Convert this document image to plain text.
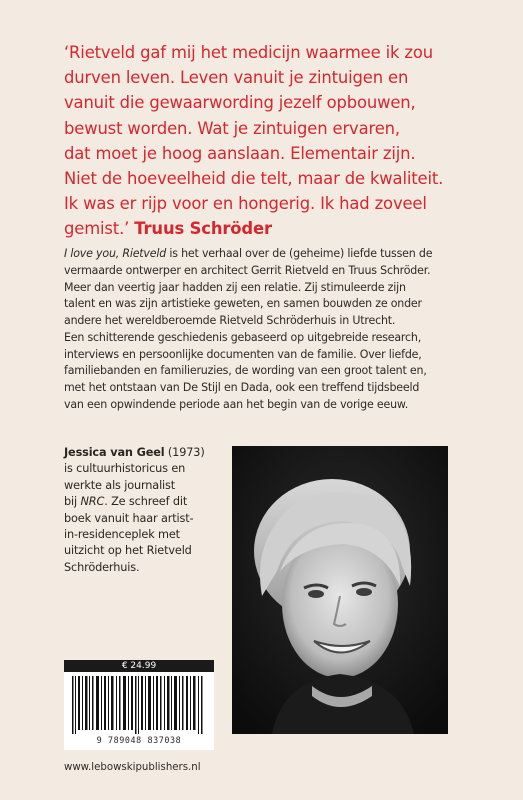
‘Rietveld gaf mij het medicijn waarmee ik zou
durven leven. Leven vanuit je zintuigen en
vanuit die gewaarwording jezelf opbouwen,
bewust worden. Wat je zintuigen ervaren,
dat moet je hoog aanslaan. Elementair zijn.
Niet de hoeveelheid die telt, maar de kwaliteit.
Ik was er rijp voor en hongerig. Ik had zoveel
gemist.’ Truus Schröder
I love you, Rietveld is het verhaal over de (geheime) liefde tussen de
vermaarde ontwerper en architect Gerrit Rietveld en Truus Schröder.
Meer dan veertig jaar hadden zij een relatie. Zij stimuleerde zijn
talent en was zijn artistieke geweten, en samen bouwden ze onder
andere het wereldberoemde Rietveld Schröderhuis in Utrecht.
Een schitterende geschiedenis gebaseerd op uitgebreide research,
interviews en persoonlijke documenten van de familie. Over liefde,
familiebanden en familieruzies, de wording van een groot talent en,
met het ontstaan van De Stijl en Dada, ook een treffend tijdsbeeld
van een opwindende periode aan het begin van de vorige eeuw.
Jessica van Geel (1973)
is cultuurhistoricus en
werkte als journalist
bij NRC. Ze schreef dit
boek vanuit haar artist-
in-residenceplek met
uitzicht op het Rietveld
Schröderhuis.
€ 24.99
9 789048 837038
www.lebowskipublishers.nl
